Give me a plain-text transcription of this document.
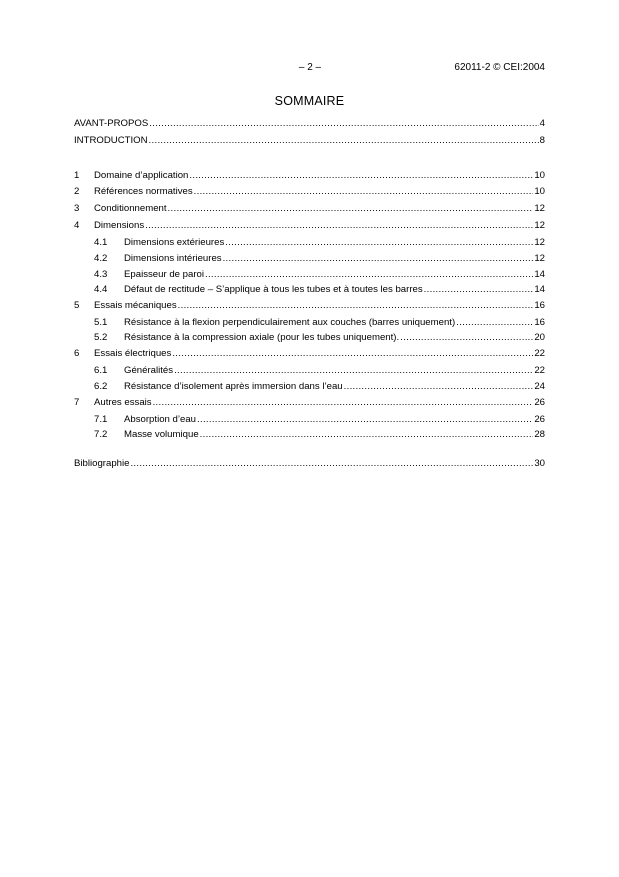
– 2 –	62011-2 © CEI:2004
SOMMAIRE
AVANT-PROPOS .....	4
INTRODUCTION .....	8
1	Domaine d’application .....	10
2	Références normatives .....	10
3	Conditionnement .....	12
4	Dimensions .....	12
4.1	Dimensions extérieures .....	12
4.2	Dimensions intérieures .....	12
4.3	Epaisseur de paroi .....	14
4.4	Défaut de rectitude – S’applique à tous les tubes et à toutes les barres .....	14
5	Essais mécaniques .....	16
5.1	Résistance à la flexion perpendiculairement aux couches (barres uniquement) .....	16
5.2	Résistance à la compression axiale (pour les tubes uniquement). .....	20
6	Essais électriques .....	22
6.1	Généralités .....	22
6.2	Résistance d’isolement après immersion dans l’eau .....	24
7	Autres essais .....	26
7.1	Absorption d’eau .....	26
7.2	Masse volumique .....	28
Bibliographie .....	30
